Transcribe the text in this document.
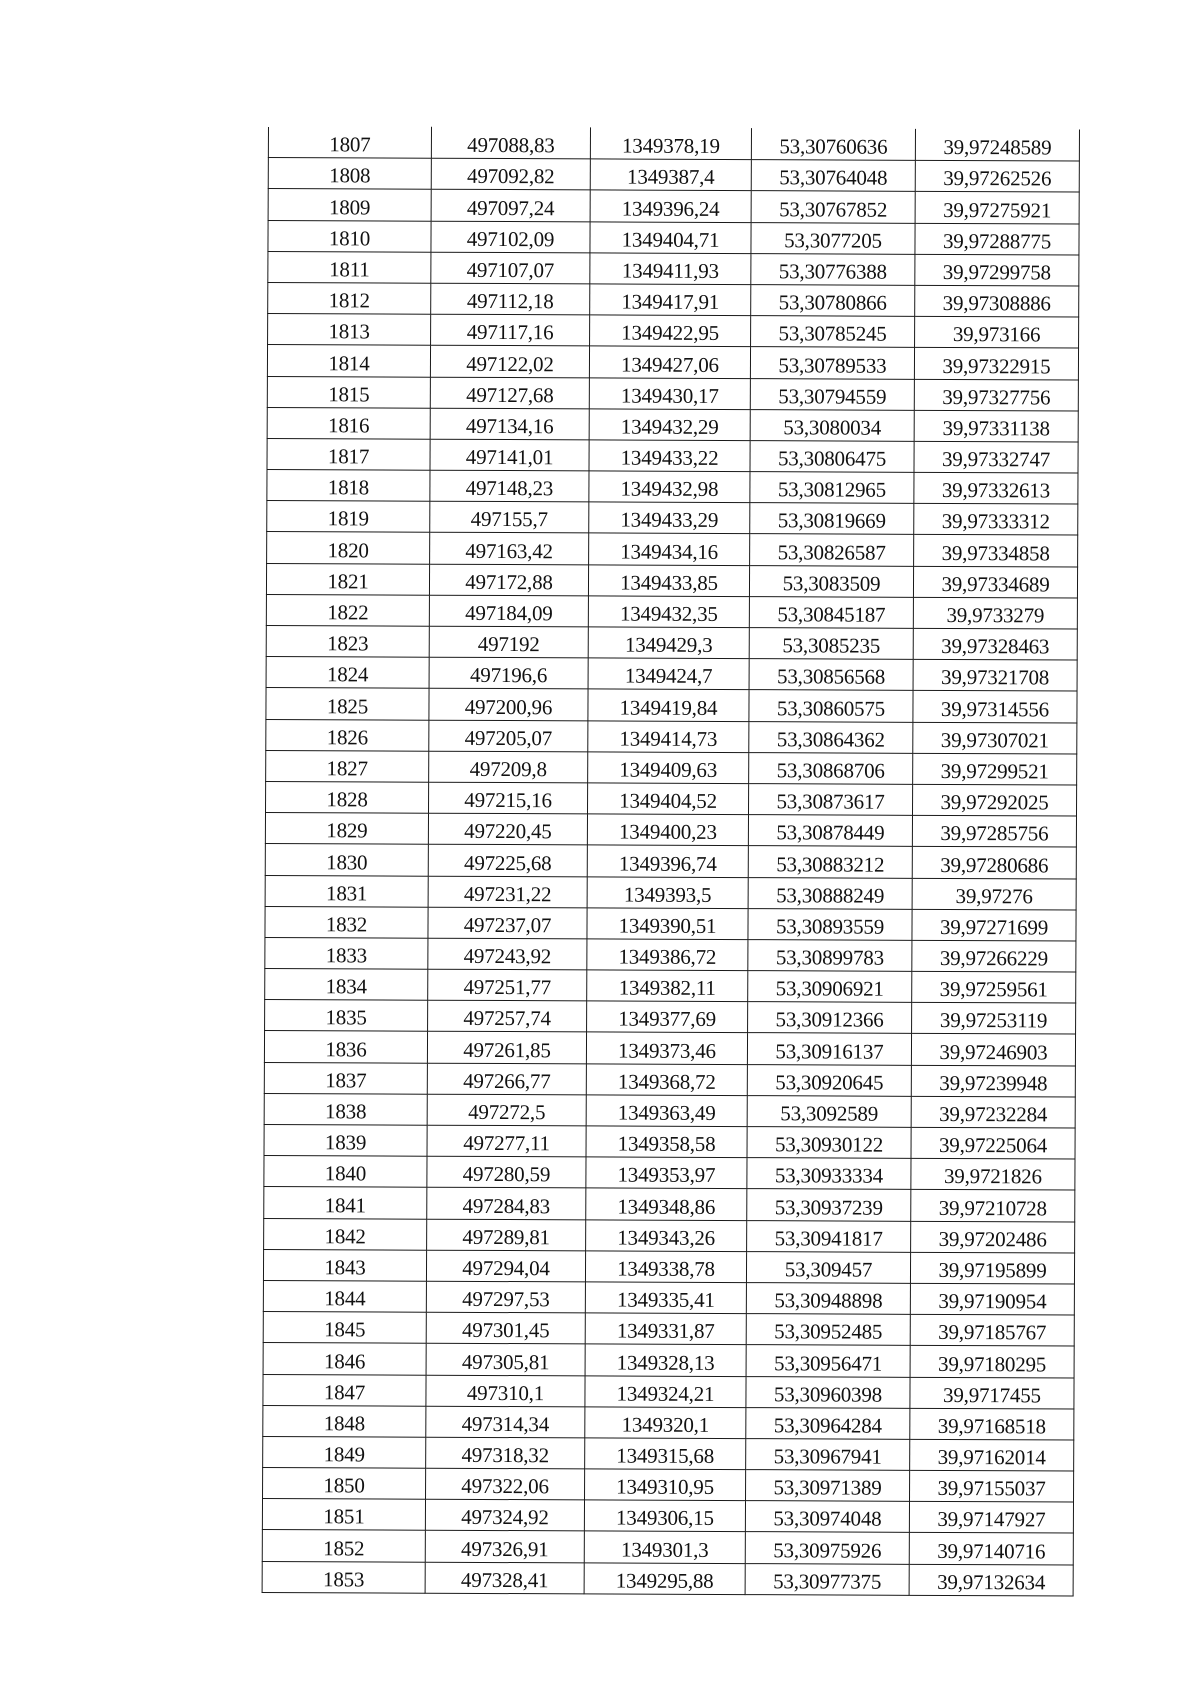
1807	497088,83	1349378,19	53,30760636	39,97248589
1808	497092,82	1349387,4	53,30764048	39,97262526
1809	497097,24	1349396,24	53,30767852	39,97275921
1810	497102,09	1349404,71	53,3077205	39,97288775
1811	497107,07	1349411,93	53,30776388	39,97299758
1812	497112,18	1349417,91	53,30780866	39,97308886
1813	497117,16	1349422,95	53,30785245	39,973166
1814	497122,02	1349427,06	53,30789533	39,97322915
1815	497127,68	1349430,17	53,30794559	39,97327756
1816	497134,16	1349432,29	53,3080034	39,97331138
1817	497141,01	1349433,22	53,30806475	39,97332747
1818	497148,23	1349432,98	53,30812965	39,97332613
1819	497155,7	1349433,29	53,30819669	39,97333312
1820	497163,42	1349434,16	53,30826587	39,97334858
1821	497172,88	1349433,85	53,3083509	39,97334689
1822	497184,09	1349432,35	53,30845187	39,9733279
1823	497192	1349429,3	53,3085235	39,97328463
1824	497196,6	1349424,7	53,30856568	39,97321708
1825	497200,96	1349419,84	53,30860575	39,97314556
1826	497205,07	1349414,73	53,30864362	39,97307021
1827	497209,8	1349409,63	53,30868706	39,97299521
1828	497215,16	1349404,52	53,30873617	39,97292025
1829	497220,45	1349400,23	53,30878449	39,97285756
1830	497225,68	1349396,74	53,30883212	39,97280686
1831	497231,22	1349393,5	53,30888249	39,97276
1832	497237,07	1349390,51	53,30893559	39,97271699
1833	497243,92	1349386,72	53,30899783	39,97266229
1834	497251,77	1349382,11	53,30906921	39,97259561
1835	497257,74	1349377,69	53,30912366	39,97253119
1836	497261,85	1349373,46	53,30916137	39,97246903
1837	497266,77	1349368,72	53,30920645	39,97239948
1838	497272,5	1349363,49	53,3092589	39,97232284
1839	497277,11	1349358,58	53,30930122	39,97225064
1840	497280,59	1349353,97	53,30933334	39,9721826
1841	497284,83	1349348,86	53,30937239	39,97210728
1842	497289,81	1349343,26	53,30941817	39,97202486
1843	497294,04	1349338,78	53,309457	39,97195899
1844	497297,53	1349335,41	53,30948898	39,97190954
1845	497301,45	1349331,87	53,30952485	39,97185767
1846	497305,81	1349328,13	53,30956471	39,97180295
1847	497310,1	1349324,21	53,30960398	39,9717455
1848	497314,34	1349320,1	53,30964284	39,97168518
1849	497318,32	1349315,68	53,30967941	39,97162014
1850	497322,06	1349310,95	53,30971389	39,97155037
1851	497324,92	1349306,15	53,30974048	39,97147927
1852	497326,91	1349301,3	53,30975926	39,97140716
1853	497328,41	1349295,88	53,30977375	39,97132634
